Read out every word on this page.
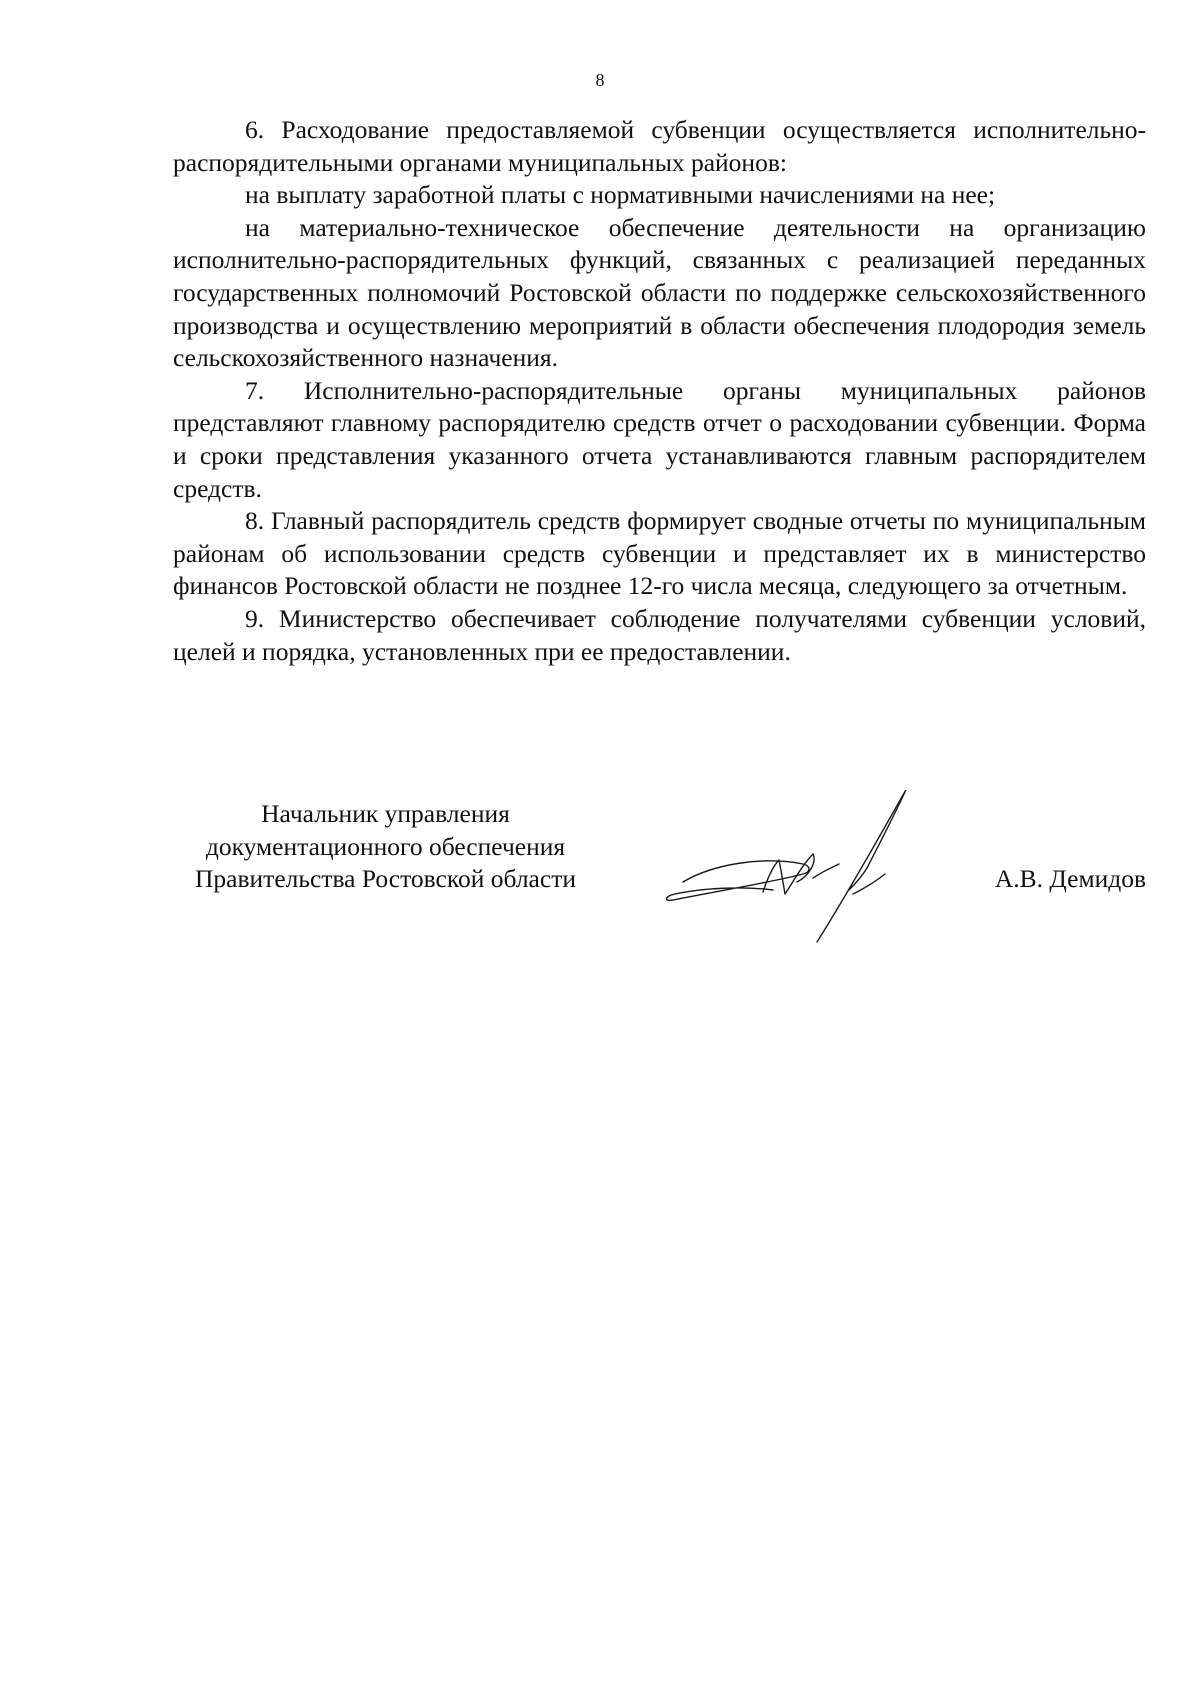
8

6. Расходование предоставляемой субвенции осуществляется исполнительно-распорядительными органами муниципальных районов:

на выплату заработной платы с нормативными начислениями на нее;

на материально-техническое обеспечение деятельности на организацию исполнительно-распорядительных функций, связанных с реализацией переданных государственных полномочий Ростовской области по поддержке сельскохозяйственного производства и осуществлению мероприятий в области обеспечения плодородия земель сельскохозяйственного назначения.

7. Исполнительно-распорядительные органы муниципальных районов представляют главному распорядителю средств отчет о расходовании субвенции. Форма и сроки представления указанного отчета устанавливаются главным распорядителем средств.

8. Главный распорядитель средств формирует сводные отчеты по муниципальным районам об использовании средств субвенции и представляет их в министерство финансов Ростовской области не позднее 12-го числа месяца, следующего за отчетным.

9. Министерство обеспечивает соблюдение получателями субвенции условий, целей и порядка, установленных при ее предоставлении.

Начальник управления
документационного обеспечения
Правительства Ростовской области	А.В. Демидов
